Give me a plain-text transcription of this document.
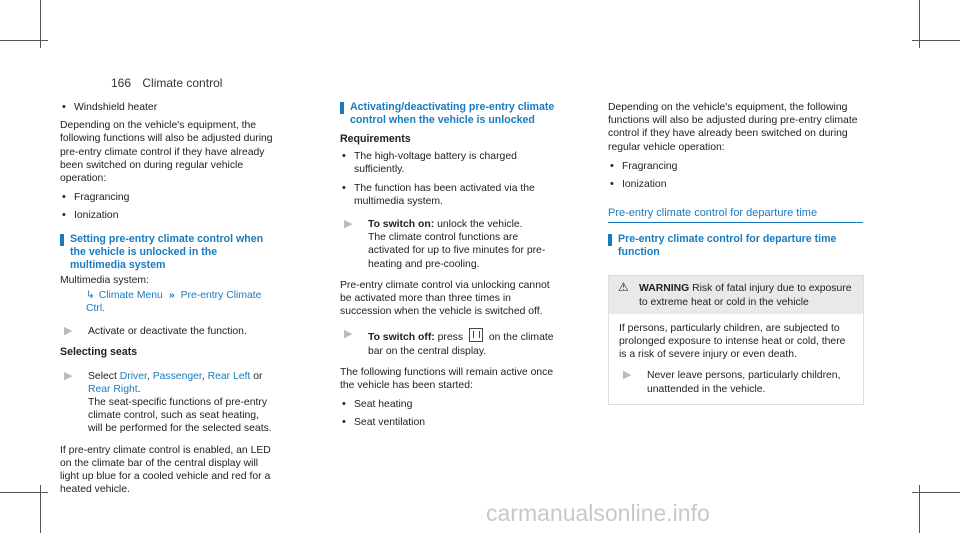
166 Climate control
• Windshield heater

Depending on the vehicle's equipment, the following functions will also be adjusted during pre-entry climate control if they have already been switched on during regular vehicle operation:

• Fragrancing
• Ionization
Setting pre-entry climate control when the vehicle is unlocked in the multimedia system
Multimedia system:
↳ Climate Menu » Pre-entry Climate Ctrl.
▶ Activate or deactivate the function.
Selecting seats
▶ Select Driver, Passenger, Rear Left or Rear Right.
The seat-specific functions of pre-entry climate control, such as seat heating, will be performed for the selected seats.

If pre-entry climate control is enabled, an LED on the climate bar of the central display will light up blue for a cooled vehicle and red for a heated vehicle.

Activating/deactivating pre-entry climate control when the vehicle is unlocked
Requirements
• The high-voltage battery is charged sufficiently.
• The function has been activated via the multimedia system.
▶ To switch on: unlock the vehicle.
The climate control functions are activated for up to five minutes for pre-heating and pre-cooling.

Pre-entry climate control via unlocking cannot be activated more than three times in succession when the vehicle is switched off.

▶ To switch off: press  on the climate bar on the central display.

The following functions will remain active once the vehicle has been started:

• Seat heating
• Seat ventilation

Depending on the vehicle's equipment, the following functions will also be adjusted during pre-entry climate control if they have already been switched on during regular vehicle operation:

• Fragrancing
• Ionization
Pre-entry climate control for departure time
Pre-entry climate control for departure time function
⚠ WARNING Risk of fatal injury due to exposure to extreme heat or cold in the vehicle

If persons, particularly children, are subjected to prolonged exposure to intense heat or cold, there is a risk of severe injury or even death.

▶ Never leave persons, particularly children, unattended in the vehicle.
carmanualsonline.info
